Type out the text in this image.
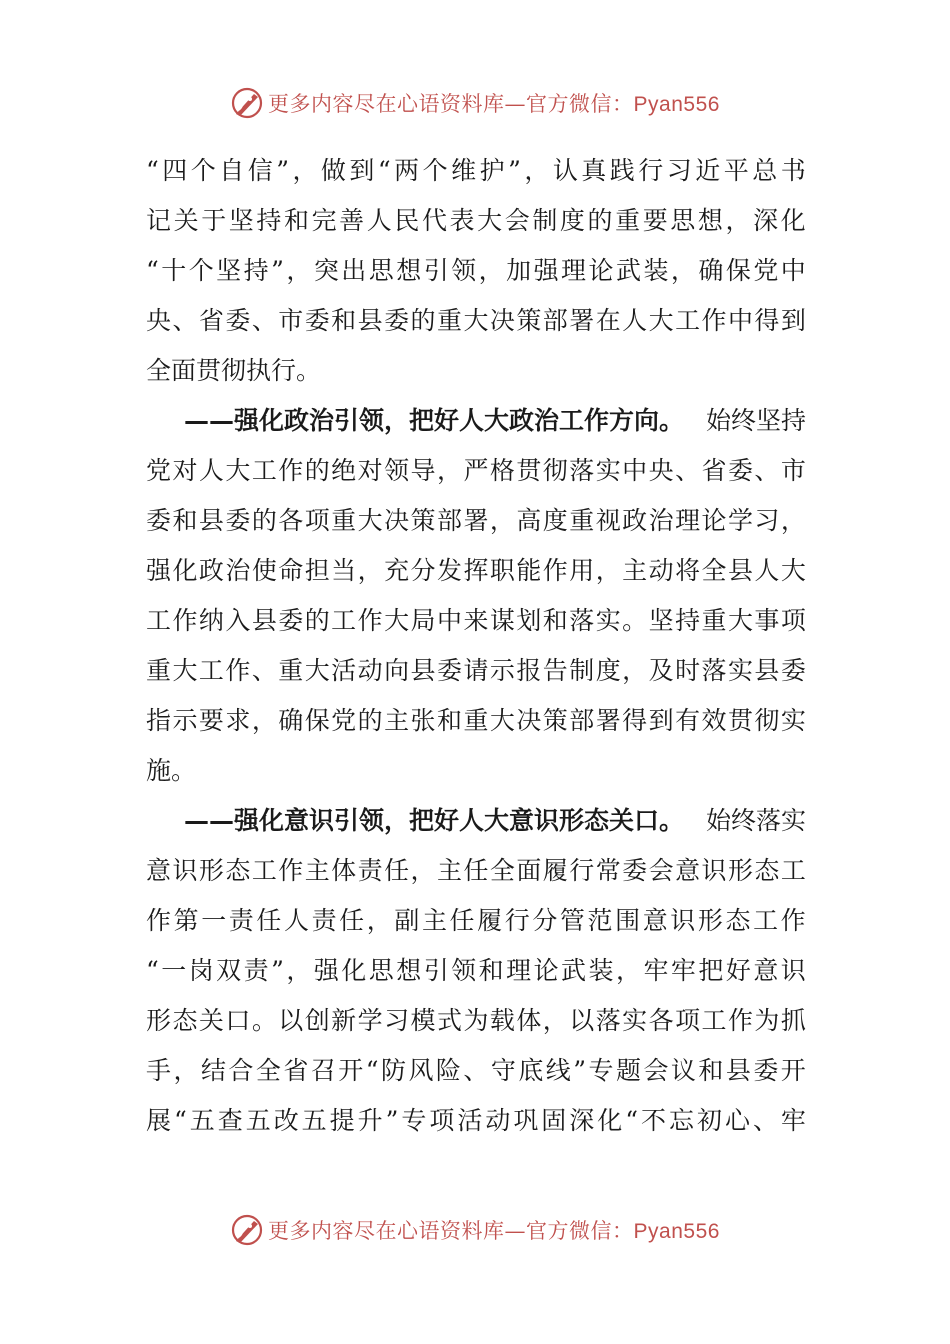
更多内容尽在心语资料库—官方微信：Pyan556
“ 四 个 自 信 ” ， 做 到 “ 两 个 维 护 ” ， 认 真 践 行 习 近 平 总 书
记 关 于 坚 持 和 完 善 人 民 代 表 大 会 制 度 的 重 要 思 想 ， 深 化
“ 十 个 坚 持 ” ， 突 出 思 想 引 领 ， 加 强 理 论 武 装 ， 确 保 党 中
央 、 省 委 、 市 委 和 县 委 的 重 大 决 策 部 署 在 人 大 工 作 中 得 到
全面贯彻执行。
——强化政治引领，把好人大政治工作方向。 始终坚持
党 对 人 大 工 作 的 绝 对 领 导 ， 严 格 贯 彻 落 实 中 央 、 省 委 、 市
委 和 县 委 的 各 项 重 大 决 策 部 署 ， 高 度 重 视 政 治 理 论 学 习 ，
强 化 政 治 使 命 担 当 ， 充 分 发 挥 职 能 作 用 ， 主 动 将 全 县 人 大
工 作 纳 入 县 委 的 工 作 大 局 中 来 谋 划 和 落 实 。 坚 持 重 大 事 项
重 大 工 作 、 重 大 活 动 向 县 委 请 示 报 告 制 度 ， 及 时 落 实 县 委
指 示 要 求 ， 确 保 党 的 主 张 和 重 大 决 策 部 署 得 到 有 效 贯 彻 实
施。
——强化意识引领，把好人大意识形态关口。 始终落实
意 识 形 态 工 作 主 体 责 任 ， 主 任 全 面 履 行 常 委 会 意 识 形 态 工
作 第 一 责 任 人 责 任 ， 副 主 任 履 行 分 管 范 围 意 识 形 态 工 作
“ 一 岗 双 责 ” ， 强 化 思 想 引 领 和 理 论 武 装 ， 牢 牢 把 好 意 识
形 态 关 口 。 以 创 新 学 习 模 式 为 载 体 ， 以 落 实 各 项 工 作 为 抓
手 ， 结 合 全 省 召 开 “ 防 风 险 、 守 底 线 ” 专 题 会 议 和 县 委 开
展 “ 五 查 五 改 五 提 升 ” 专 项 活 动 巩 固 深 化 “ 不 忘 初 心 、 牢
更多内容尽在心语资料库—官方微信：Pyan556
